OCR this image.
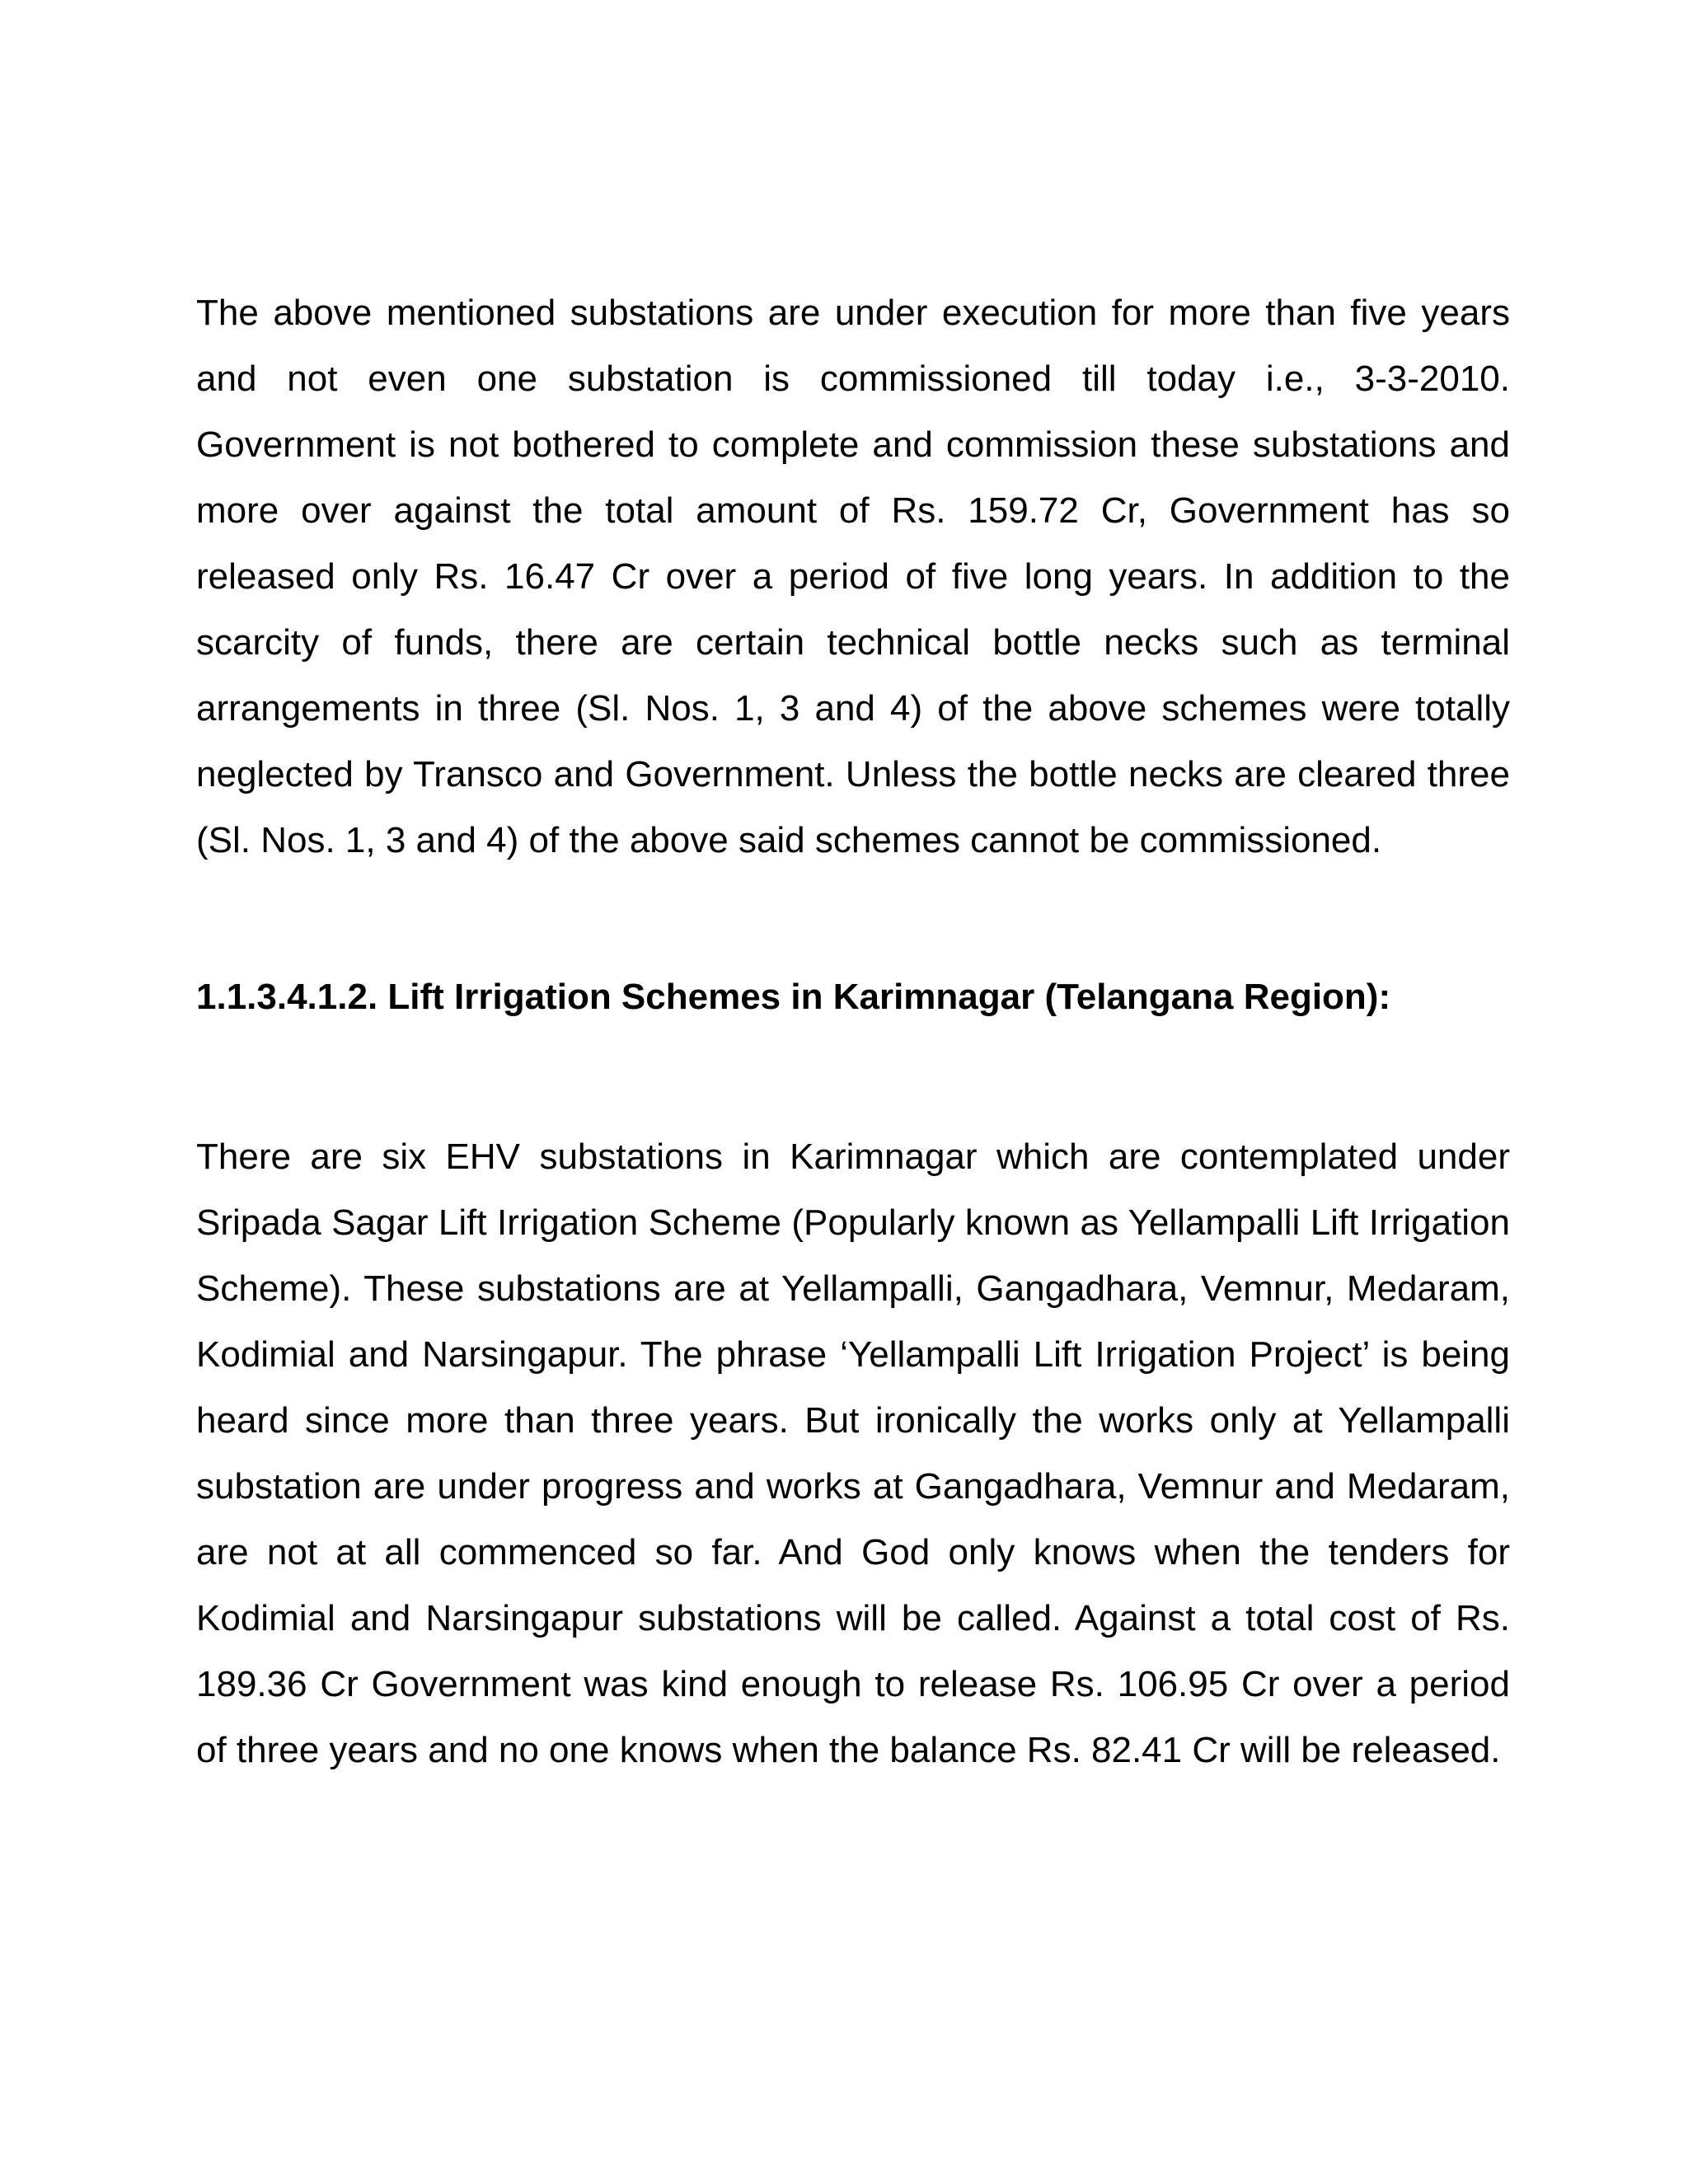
The above mentioned substations are under execution for more than five years and not even one substation is commissioned till today i.e., 3-3-2010. Government is not bothered to complete and commission these substations and more over against the total amount of Rs. 159.72 Cr, Government has so released only Rs. 16.47 Cr over a period of five long years. In addition to the scarcity of funds, there are certain technical bottle necks such as terminal arrangements in three (Sl. Nos. 1, 3 and 4) of the above schemes were totally neglected by Transco and Government. Unless the bottle necks are cleared three (Sl. Nos. 1, 3 and 4) of the above said schemes cannot be commissioned.

1.1.3.4.1.2. Lift Irrigation Schemes in Karimnagar (Telangana Region):

There are six EHV substations in Karimnagar which are contemplated under Sripada Sagar Lift Irrigation Scheme (Popularly known as Yellampalli Lift Irrigation Scheme). These substations are at Yellampalli, Gangadhara, Vemnur, Medaram, Kodimial and Narsingapur. The phrase ‘Yellampalli Lift Irrigation Project’ is being heard since more than three years. But ironically the works only at Yellampalli substation are under progress and works at Gangadhara, Vemnur and Medaram, are not at all commenced so far. And God only knows when the tenders for Kodimial and Narsingapur substations will be called. Against a total cost of Rs. 189.36 Cr Government was kind enough to release Rs. 106.95 Cr over a period of three years and no one knows when the balance Rs. 82.41 Cr will be released.
